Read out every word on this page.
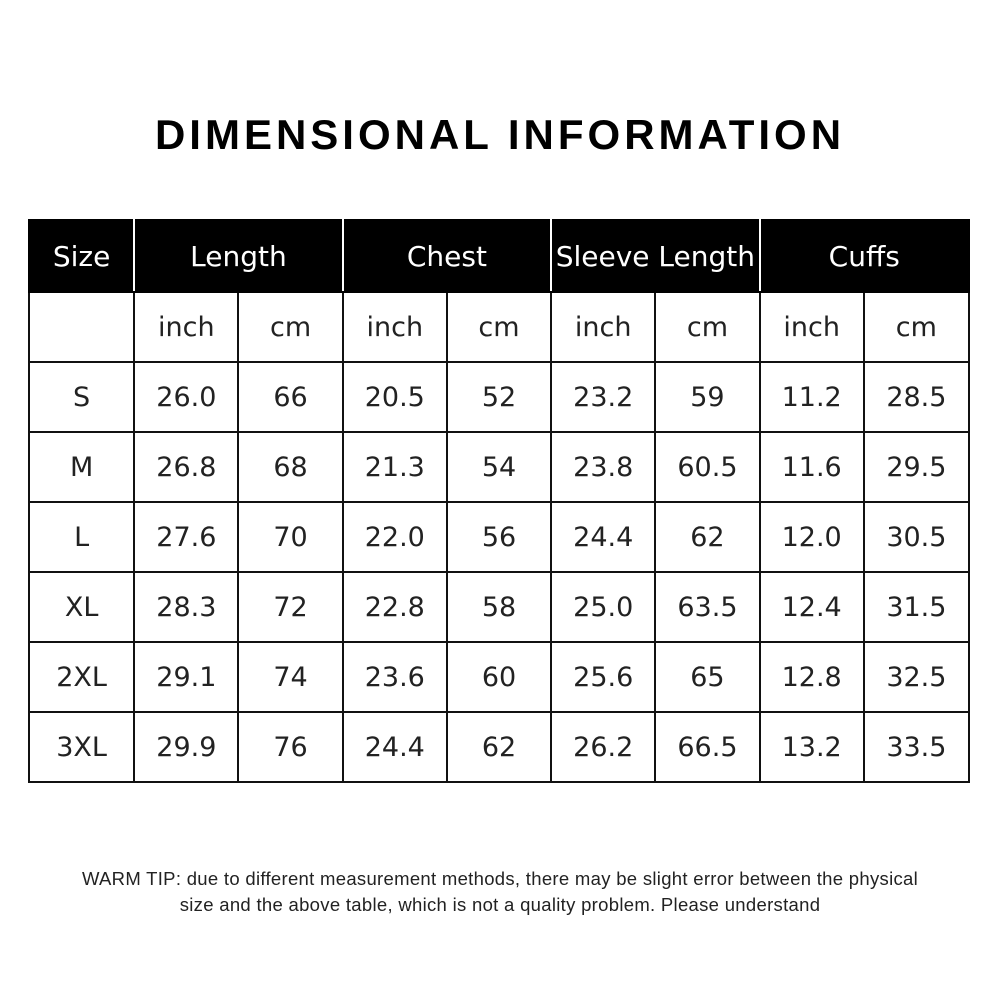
DIMENSIONAL INFORMATION
Size	Length		Chest		Sleeve Length		Cuffs	
	inch	cm	inch	cm	inch	cm	inch	cm
S	26.0	66	20.5	52	23.2	59	11.2	28.5
M	26.8	68	21.3	54	23.8	60.5	11.6	29.5
L	27.6	70	22.0	56	24.4	62	12.0	30.5
XL	28.3	72	22.8	58	25.0	63.5	12.4	31.5
2XL	29.1	74	23.6	60	25.6	65	12.8	32.5
3XL	29.9	76	24.4	62	26.2	66.5	13.2	33.5
WARM TIP: due to different measurement methods, there may be slight error between the physical
size and the above table, which is not a quality problem. Please understand
